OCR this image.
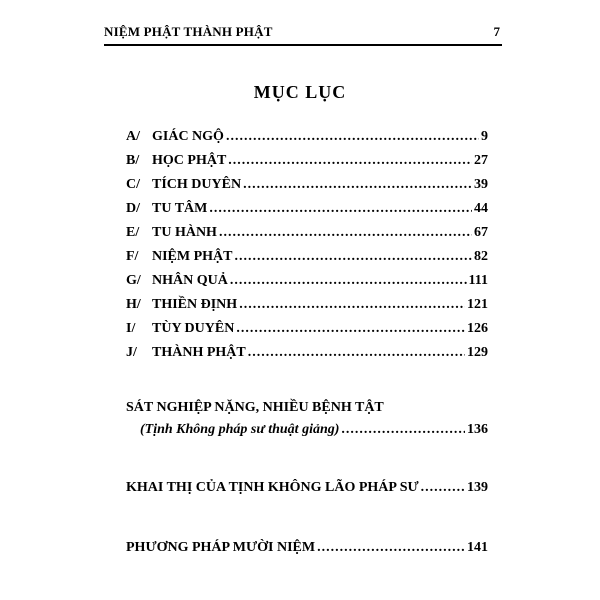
NIỆM PHẬT THÀNH PHẬT	7
MỤC LỤC
A/ GIÁC NGỘ .....	9
B/ HỌC PHẬT .....	27
C/ TÍCH DUYÊN .....	39
D/ TU TÂM .....	44
E/ TU HÀNH .....	67
F/ NIỆM PHẬT .....	82
G/ NHÂN QUẢ .....	111
H/ THIỀN ĐỊNH .....	121
I/	TÙY DUYÊN .....	126
J/	THÀNH PHẬT .....	129
SÁT NGHIỆP NẶNG, NHIỀU BỆNH TẬT
( Tịnh Không pháp sư thuật giảng ) .....	136
KHAI THỊ CỦA TỊNH KHÔNG LÃO PHÁP SƯ .....	139
PHƯƠNG PHÁP MƯỜI NIỆM .....	141
